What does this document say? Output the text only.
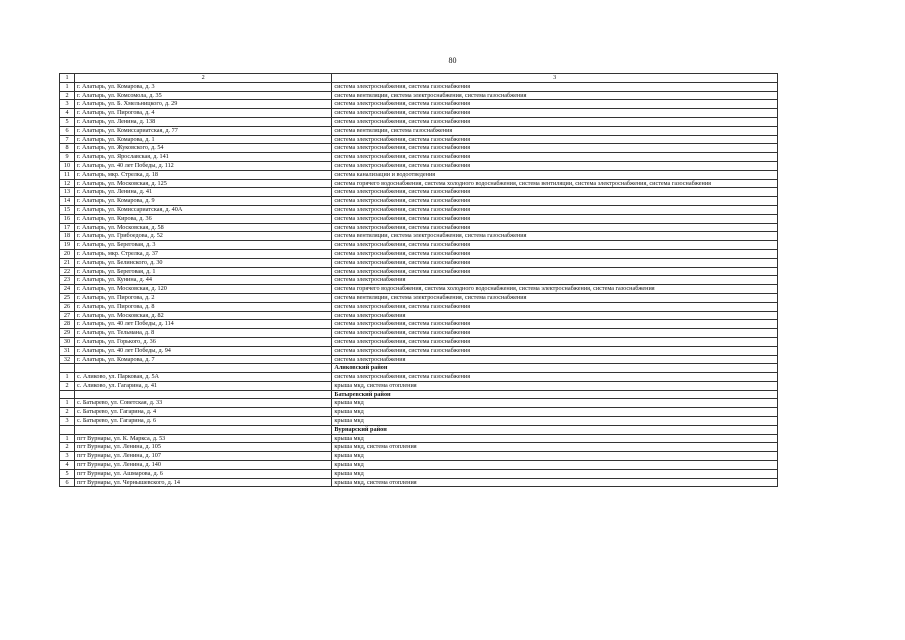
80
1	2	3
1	г. Алатырь, ул. Комарова, д. 3	система электроснабжения, система газоснабжения
2	г. Алатырь, ул. Комсомола, д. 35	система вентиляции, система электроснабжения, система газоснабжения
3	г. Алатырь, ул. Б. Хмельницкого, д. 29	система электроснабжения, система газоснабжения
4	г. Алатырь, ул. Пирогова, д. 4	система электроснабжения, система газоснабжения
5	г. Алатырь, ул. Ленина, д. 138	система электроснабжения, система газоснабжения
6	г. Алатырь, ул. Комиссариатская, д. 77	система вентиляции, система газоснабжения
7	г. Алатырь, ул. Комарова, д. 1	система электроснабжения, система газоснабжения
8	г. Алатырь, ул. Жуковского, д. 54	система электроснабжения, система газоснабжения
9	г. Алатырь, ул. Ярославская, д. 141	система электроснабжения, система газоснабжения
10	г. Алатырь, ул. 40 лет Победы, д. 112	система электроснабжения, система газоснабжения
11	г. Алатырь, мкр. Стрелка, д. 18	система канализации и водоотведения
12	г. Алатырь, ул. Московская, д. 125	система горячего водоснабжения, система холодного водоснабжения, система вентиляции, система электроснабжения, система газоснабжения
13	г. Алатырь, ул. Ленина, д. 41	система электроснабжения, система газоснабжения
14	г. Алатырь, ул. Комарова, д. 9	система электроснабжения, система газоснабжения
15	г. Алатырь, ул. Комиссариатская, д. 40А	система электроснабжения, система газоснабжения
16	г. Алатырь, ул. Кирова, д. 36	система электроснабжения, система газоснабжения
17	г. Алатырь, ул. Московская, д. 58	система электроснабжения, система газоснабжения
18	г. Алатырь, ул. Грибоедова, д. 52	система вентиляции, система электроснабжения, система газоснабжения
19	г. Алатырь, ул. Береговая, д. 3	система электроснабжения, система газоснабжения
20	г. Алатырь, мкр. Стрелка, д. 37	система электроснабжения, система газоснабжения
21	г. Алатырь, ул. Белинского, д. 30	система электроснабжения, система газоснабжения
22	г. Алатырь, ул. Береговая, д. 1	система электроснабжения, система газоснабжения
23	г. Алатырь, ул. Кунина, д. 44	система электроснабжения
24	г. Алатырь, ул. Московская, д. 120	система горячего водоснабжения, система холодного водоснабжения, система электроснабжения, система газоснабжения
25	г. Алатырь, ул. Пирогова, д. 2	система вентиляции, система электроснабжения, система газоснабжения
26	г. Алатырь, ул. Пирогова, д. 8	система электроснабжения, система газоснабжения
27	г. Алатырь, ул. Московская, д. 82	система электроснабжения
28	г. Алатырь, ул. 40 лет Победы, д. 114	система электроснабжения, система газоснабжения
29	г. Алатырь, ул. Тельмана, д. 8	система электроснабжения, система газоснабжения
30	г. Алатырь, ул. Горького, д. 36	система электроснабжения, система газоснабжения
31	г. Алатырь, ул. 40 лет Победы, д. 94	система электроснабжения, система газоснабжения
32	г. Алатырь, ул. Комарова, д. 7	система электроснабжения
		Аликовский район
1	с. Аликово, ул. Парковая, д. 5А	система электроснабжения, система газоснабжения
2	с. Аликово, ул. Гагарина, д. 41	крыша мкд, система отопления
		Батыревский район
1	с. Батырево, ул. Советская, д. 33	крыша мкд
2	с. Батырево, ул. Гагарина, д. 4	крыша мкд
3	с. Батырево, ул. Гагарина, д. 6	крыша мкд
		Вурнарский район
1	пгт Вурнары, ул. К. Маркса, д. 53	крыша мкд
2	пгт Вурнары, ул. Ленина, д. 105	крыша мкд, система отопления
3	пгт Вурнары, ул. Ленина, д. 107	крыша мкд
4	пгт Вурнары, ул. Ленина, д. 140	крыша мкд
5	пгт Вурнары, ул. Ашмарова, д. 6	крыша мкд
6	пгт Вурнары, ул. Чернышевского, д. 14	крыша мкд, система отопления
